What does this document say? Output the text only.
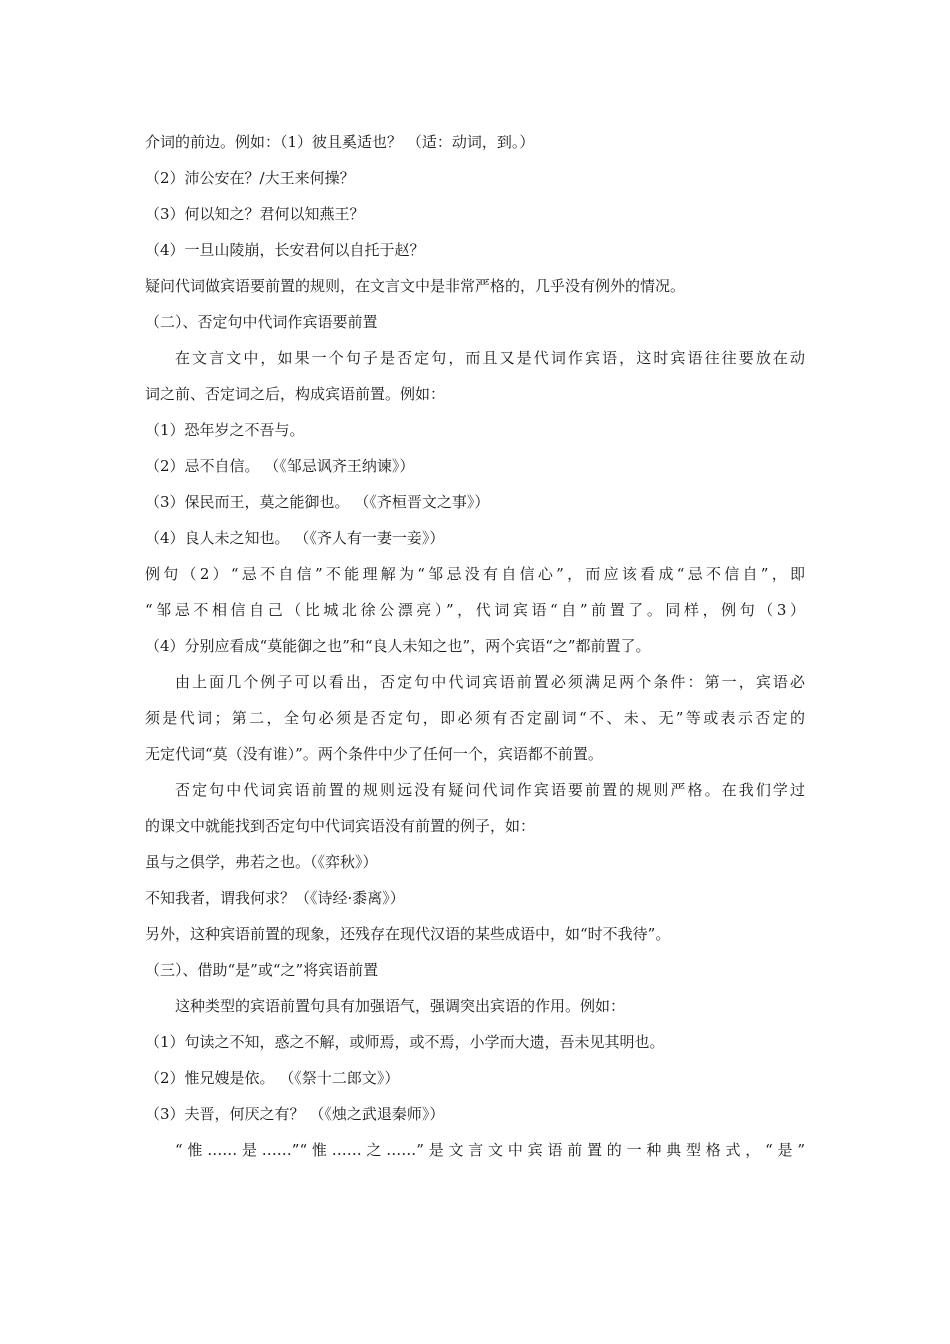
介词的前边。例如：（1）彼且奚适也？ （适：动词，到。）

（2）沛公安在？/大王来何操？

（3）何以知之？君何以知燕王？

（4）一旦山陵崩，长安君何以自托于赵？

疑问代词做宾语要前置的规则，在文言文中是非常严格的，几乎没有例外的情况。

（二）、否定句中代词作宾语要前置

在文言文中，如果一个句子是否定句，而且又是代词作宾语，这时宾语往往要放在动

词之前、否定词之后，构成宾语前置。例如：

（1）恐年岁之不吾与。

（2）忌不自信。 （《邹忌讽齐王纳谏》）

（3）保民而王，莫之能御也。 （《齐桓晋文之事》）

（4）良人未之知也。 （《齐人有一妻一妾》）

例句（2）“忌不自信”不能理解为“邹忌没有自信心”，而应该看成“忌不信自”，即

“邹忌不相信自己（比城北徐公漂亮）”，代词宾语“自”前置了。同样，例句（3）

（4）分别应看成“莫能御之也”和“良人未知之也”，两个宾语“之”都前置了。

由上面几个例子可以看出，否定句中代词宾语前置必须满足两个条件：第一，宾语必

须是代词；第二，全句必须是否定句，即必须有否定副词“不、未、无”等或表示否定的

无定代词“莫（没有谁）”。两个条件中少了任何一个，宾语都不前置。

否定句中代词宾语前置的规则远没有疑问代词作宾语要前置的规则严格。在我们学过

的课文中就能找到否定句中代词宾语没有前置的例子，如：

虽与之俱学，弗若之也。（《弈秋》）

不知我者，谓我何求？（《诗经·黍离》）

另外，这种宾语前置的现象，还残存在现代汉语的某些成语中，如“时不我待”。

（三）、借助“是”或“之”将宾语前置

这种类型的宾语前置句具有加强语气，强调突出宾语的作用。例如：

（1）句读之不知，惑之不解，或师焉，或不焉，小学而大遗，吾未见其明也。

（2）惟兄嫂是依。 （《祭十二郎文》）

（3）夫晋，何厌之有？ （《烛之武退秦师》）

“惟……是……”“惟……之……”是文言文中宾语前置的一种典型格式，“是”
